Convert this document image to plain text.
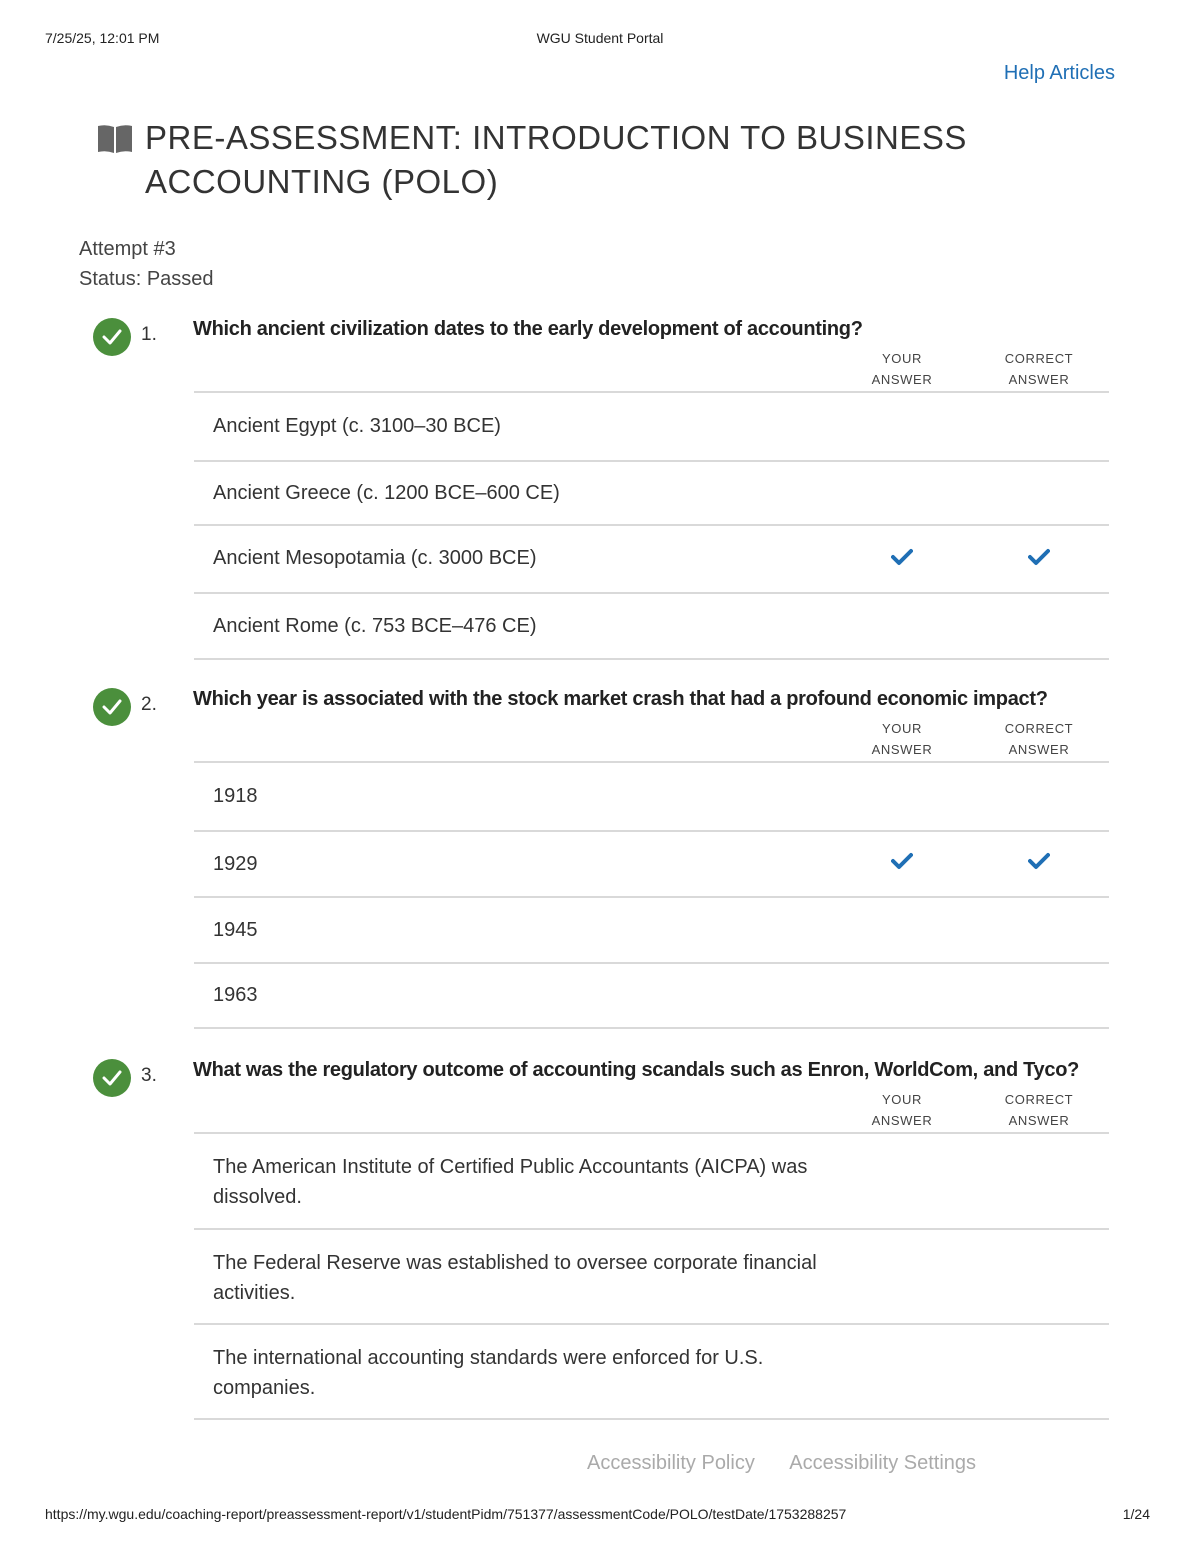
7/25/25, 12:01 PM	WGU Student Portal
Help Articles
PRE-ASSESSMENT: INTRODUCTION TO BUSINESS ACCOUNTING (POLO)
Attempt #3
Status: Passed
1. Which ancient civilization dates to the early development of accounting?
YOUR
ANSWER
CORRECT
ANSWER
Ancient Egypt (c. 3100–30 BCE)
Ancient Greece (c. 1200 BCE–600 CE)
Ancient Mesopotamia (c. 3000 BCE)
Ancient Rome (c. 753 BCE–476 CE)
2. Which year is associated with the stock market crash that had a profound economic impact?
YOUR
ANSWER
CORRECT
ANSWER
1918
1929
1945
1963
3. What was the regulatory outcome of accounting scandals such as Enron, WorldCom, and Tyco?
YOUR
ANSWER
CORRECT
ANSWER
The American Institute of Certified Public Accountants (AICPA) was dissolved.
The Federal Reserve was established to oversee corporate financial activities.
The international accounting standards were enforced for U.S. companies.
Accessibility Policy Accessibility Settings
https://my.wgu.edu/coaching-report/preassessment-report/v1/studentPidm/751377/assessmentCode/POLO/testDate/1753288257	1/24
